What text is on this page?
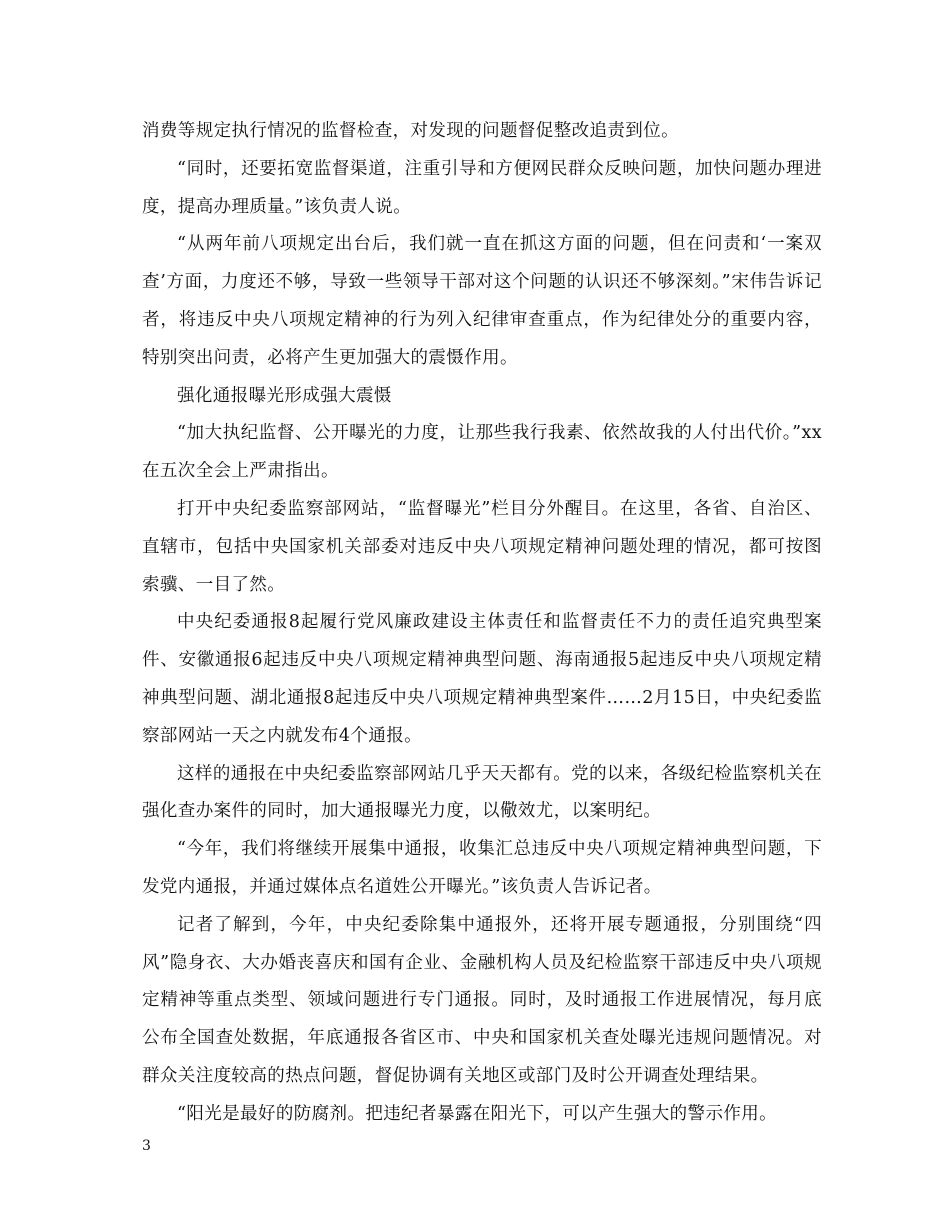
消费等规定执行情况的监督检查，对发现的问题督促整改追责到位。

“同时，还要拓宽监督渠道，注重引导和方便网民群众反映问题，加快问题办理进度，提高办理质量。”该负责人说。

“从两年前八项规定出台后，我们就一直在抓这方面的问题，但在问责和‘一案双查’方面，力度还不够，导致一些领导干部对这个问题的认识还不够深刻。”宋伟告诉记者，将违反中央八项规定精神的行为列入纪律审查重点，作为纪律处分的重要内容，特别突出问责，必将产生更加强大的震慑作用。

强化通报曝光形成强大震慑

“加大执纪监督、公开曝光的力度，让那些我行我素、依然故我的人付出代价。”xx在五次全会上严肃指出。

打开中央纪委监察部网站，“监督曝光”栏目分外醒目。在这里，各省、自治区、直辖市，包括中央国家机关部委对违反中央八项规定精神问题处理的情况，都可按图索骥、一目了然。

中央纪委通报8起履行党风廉政建设主体责任和监督责任不力的责任追究典型案件、安徽通报6起违反中央八项规定精神典型问题、海南通报5起违反中央八项规定精神典型问题、湖北通报8起违反中央八项规定精神典型案件……2月15日，中央纪委监察部网站一天之内就发布4个通报。

这样的通报在中央纪委监察部网站几乎天天都有。党的以来，各级纪检监察机关在强化查办案件的同时，加大通报曝光力度，以儆效尤，以案明纪。

“今年，我们将继续开展集中通报，收集汇总违反中央八项规定精神典型问题，下发党内通报，并通过媒体点名道姓公开曝光。”该负责人告诉记者。

记者了解到，今年，中央纪委除集中通报外，还将开展专题通报，分别围绕“四风”隐身衣、大办婚丧喜庆和国有企业、金融机构人员及纪检监察干部违反中央八项规定精神等重点类型、领域问题进行专门通报。同时，及时通报工作进展情况，每月底公布全国查处数据，年底通报各省区市、中央和国家机关查处曝光违规问题情况。对群众关注度较高的热点问题，督促协调有关地区或部门及时公开调查处理结果。

“阳光是最好的防腐剂。把违纪者暴露在阳光下，可以产生强大的警示作用。

3
